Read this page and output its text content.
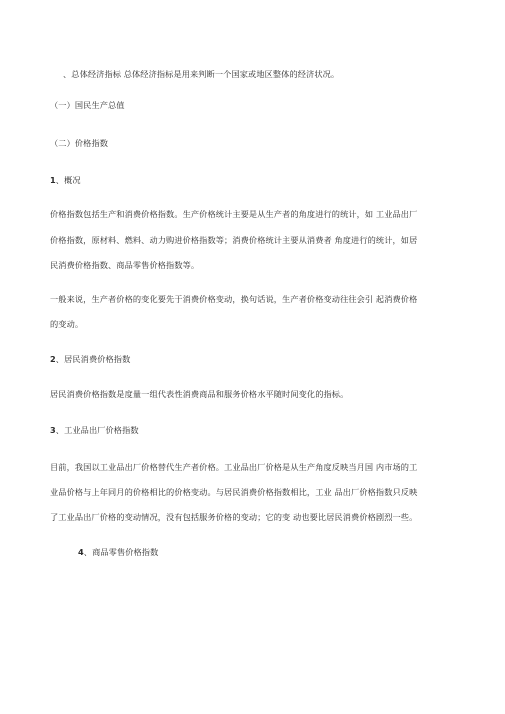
、总体经济指标 总体经济指标是用来判断一个国家或地区整体的经济状况。
（一）国民生产总值
（二）价格指数
1、概况
价格指数包括生产和消费价格指数。生产价格统计主要是从生产者的角度进行的统计，如 工业品出厂
价格指数，原材料、燃料、动力购进价格指数等；消费价格统计主要从消费者 角度进行的统计，如居
民消费价格指数、商品零售价格指数等。
一般来说，生产者价格的变化要先于消费价格变动，换句话说，生产者价格变动往往会引 起消费价格
的变动。
2、居民消费价格指数
居民消费价格指数是度量一组代表性消费商品和服务价格水平随时间变化的指标。
3、工业品出厂价格指数
目前，我国以工业品出厂价格替代生产者价格。工业品出厂价格是从生产角度反映当月国 内市场的工
业品价格与上年同月的价格相比的价格变动。与居民消费价格指数相比，工业 品出厂价格指数只反映
了工业品出厂价格的变动情况，没有包括服务价格的变动；它的变 动也要比居民消费价格剧烈一些。
4、商品零售价格指数
